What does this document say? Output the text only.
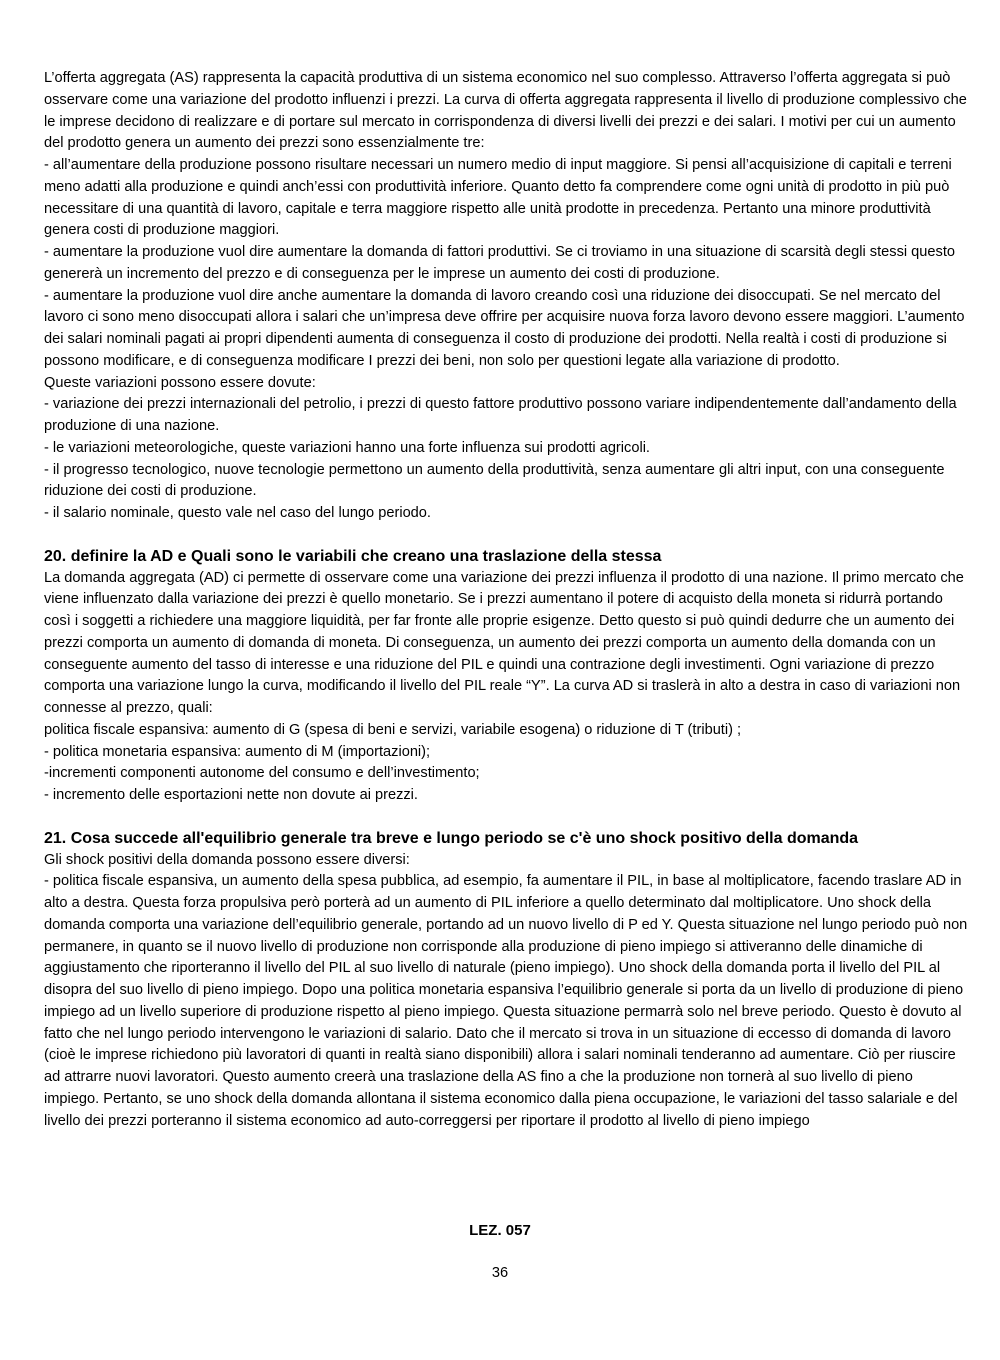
L’offerta aggregata (AS) rappresenta la capacità produttiva di un sistema economico nel suo complesso. Attraverso l’offerta aggregata si può osservare come una variazione del prodotto influenzi i prezzi. La curva di offerta aggregata rappresenta il livello di produzione complessivo che le imprese decidono di realizzare e di portare sul mercato in corrispondenza di diversi livelli dei prezzi e dei salari. I motivi per cui un aumento del prodotto genera un aumento dei prezzi sono essenzialmente tre:

- all’aumentare della produzione possono risultare necessari un numero medio di input maggiore. Si pensi all’acquisizione di capitali e terreni meno adatti alla produzione e quindi anch’essi con produttività inferiore. Quanto detto fa comprendere come ogni unità di prodotto in più può necessitare di una quantità di lavoro, capitale e terra maggiore rispetto alle unità prodotte in precedenza. Pertanto una minore produttività genera costi di produzione maggiori.

- aumentare la produzione vuol dire aumentare la domanda di fattori produttivi. Se ci troviamo in una situazione di scarsità degli stessi questo genererà un incremento del prezzo e di conseguenza per le imprese un aumento dei costi di produzione.

- aumentare la produzione vuol dire anche aumentare la domanda di lavoro creando così una riduzione dei disoccupati. Se nel mercato del lavoro ci sono meno disoccupati allora i salari che un’impresa deve offrire per acquisire nuova forza lavoro devono essere maggiori. L’aumento dei salari nominali pagati ai propri dipendenti aumenta di conseguenza il costo di produzione dei prodotti. Nella realtà i costi di produzione si possono modificare, e di conseguenza modificare I prezzi dei beni, non solo per questioni legate alla variazione di prodotto.

Queste variazioni possono essere dovute:

- variazione dei prezzi internazionali del petrolio, i prezzi di questo fattore produttivo possono variare indipendentemente dall’andamento della produzione di una nazione.

- le variazioni meteorologiche, queste variazioni hanno una forte influenza sui prodotti agricoli.

- il progresso tecnologico, nuove tecnologie permettono un aumento della produttività, senza aumentare gli altri input, con una conseguente riduzione dei costi di produzione.

- il salario nominale, questo vale nel caso del lungo periodo.

20. definire la AD e Quali sono le variabili che creano una traslazione della stessa

La domanda aggregata (AD) ci permette di osservare come una variazione dei prezzi influenza il prodotto di una nazione. Il primo mercato che viene influenzato dalla variazione dei prezzi è quello monetario. Se i prezzi aumentano il potere di acquisto della moneta si ridurrà portando così i soggetti a richiedere una maggiore liquidità, per far fronte alle proprie esigenze. Detto questo si può quindi dedurre che un aumento dei prezzi comporta un aumento di domanda di moneta. Di conseguenza, un aumento dei prezzi comporta un aumento della domanda con un conseguente aumento del tasso di interesse e una riduzione del PIL e quindi una contrazione degli investimenti. Ogni variazione di prezzo comporta una variazione lungo la curva, modificando il livello del PIL reale “Y”. La curva AD si traslerà in alto a destra in caso di variazioni non connesse al prezzo, quali:

politica fiscale espansiva: aumento di G (spesa di beni e servizi, variabile esogena) o riduzione di T (tributi) ;

- politica monetaria espansiva: aumento di M (importazioni);

-incrementi componenti autonome del consumo e dell’investimento;

- incremento delle esportazioni nette non dovute ai prezzi.

21. Cosa succede all'equilibrio generale tra breve e lungo periodo se c'è uno shock positivo della domanda

Gli shock positivi della domanda possono essere diversi:

- politica fiscale espansiva, un aumento della spesa pubblica, ad esempio, fa aumentare il PIL, in base al moltiplicatore, facendo traslare AD in alto a destra. Questa forza propulsiva però porterà ad un aumento di PIL inferiore a quello determinato dal moltiplicatore. Uno shock della domanda comporta una variazione dell’equilibrio generale, portando ad un nuovo livello di P ed Y. Questa situazione nel lungo periodo può non permanere, in quanto se il nuovo livello di produzione non corrisponde alla produzione di pieno impiego si attiveranno delle dinamiche di aggiustamento che riporteranno il livello del PIL al suo livello di naturale (pieno impiego). Uno shock della domanda porta il livello del PIL al disopra del suo livello di pieno impiego. Dopo una politica monetaria espansiva l’equilibrio generale si porta da un livello di produzione di pieno impiego ad un livello superiore di produzione rispetto al pieno impiego. Questa situazione permarrà solo nel breve periodo. Questo è dovuto al fatto che nel lungo periodo intervengono le variazioni di salario. Dato che il mercato si trova in un situazione di eccesso di domanda di lavoro (cioè le imprese richiedono più lavoratori di quanti in realtà siano disponibili) allora i salari nominali tenderanno ad aumentare. Ciò per riuscire ad attrarre nuovi lavoratori. Questo aumento creerà una traslazione della AS fino a che la produzione non tornerà al suo livello di pieno impiego. Pertanto, se uno shock della domanda allontana il sistema economico dalla piena occupazione, le variazioni del tasso salariale e del livello dei prezzi porteranno il sistema economico ad auto-correggersi per riportare il prodotto al livello di pieno impiego

LEZ. 057
36
